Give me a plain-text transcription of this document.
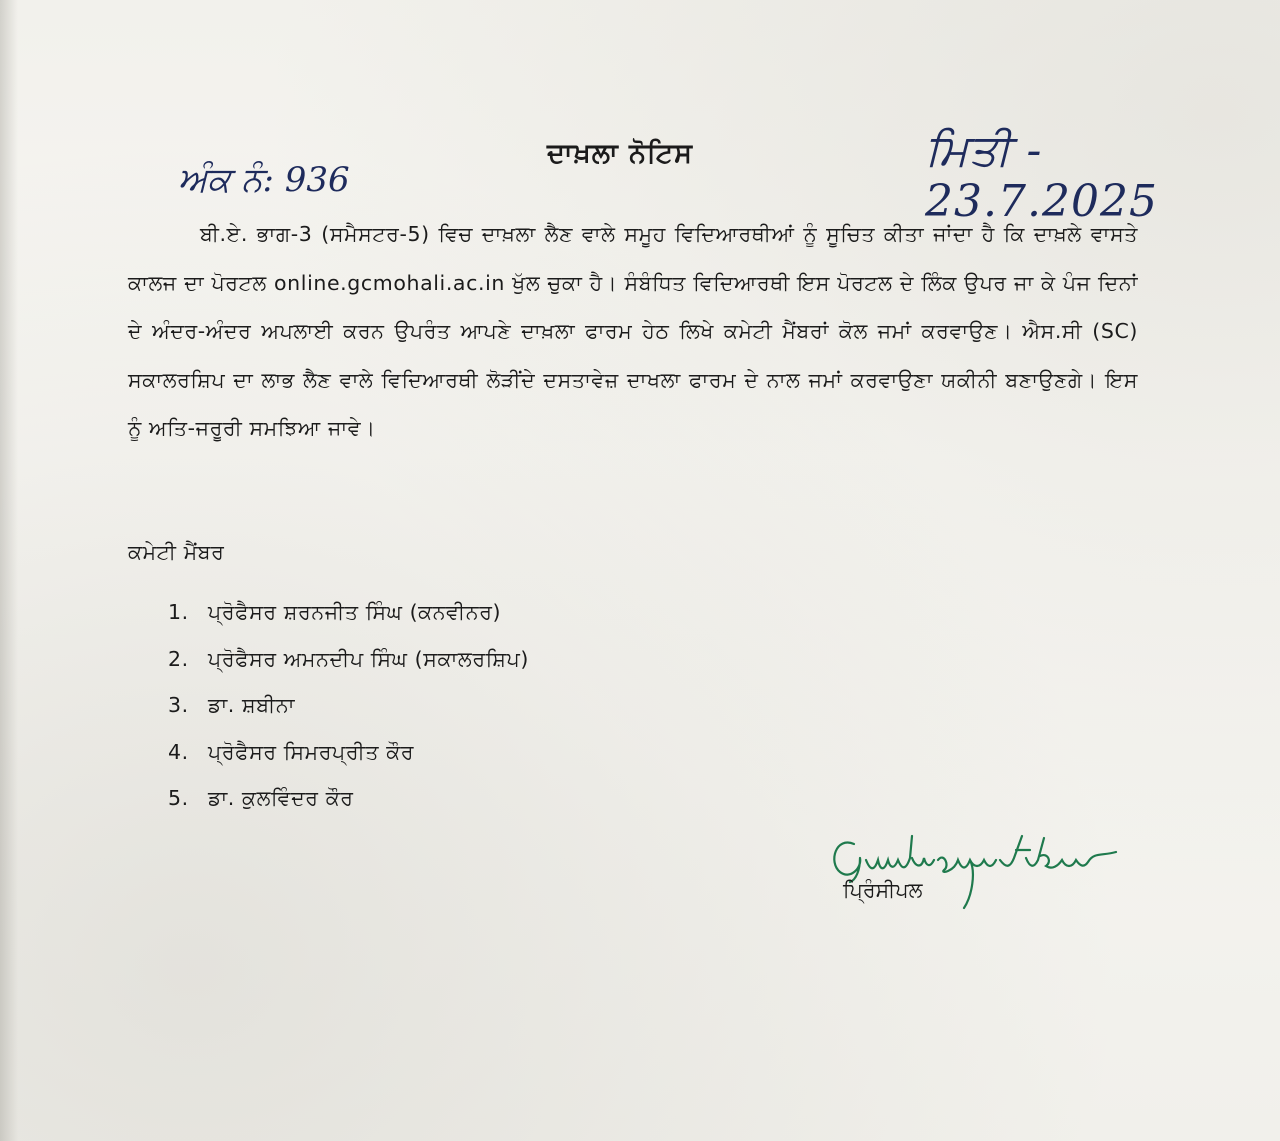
ਦਾਖ਼ਲਾ ਨੋਟਿਸ
ਅੰਕ ਨੰ: 936
ਮਿਤੀ - 23.7.2025

ਬੀ.ਏ. ਭਾਗ-3 (ਸਮੈਸਟਰ-5) ਵਿਚ ਦਾਖ਼ਲਾ ਲੈਣ ਵਾਲੇ ਸਮੂਹ ਵਿਦਿਆਰਥੀਆਂ ਨੂੰ ਸੂਚਿਤ ਕੀਤਾ ਜਾਂਦਾ ਹੈ ਕਿ ਦਾਖ਼ਲੇ ਵਾਸਤੇ ਕਾਲਜ ਦਾ ਪੋਰਟਲ online.gcmohali.ac.in ਖੁੱਲ ਚੁਕਾ ਹੈ। ਸੰਬੰਧਿਤ ਵਿਦਿਆਰਥੀ ਇਸ ਪੋਰਟਲ ਦੇ ਲਿੰਕ ਉਪਰ ਜਾ ਕੇ ਪੰਜ ਦਿਨਾਂ ਦੇ ਅੰਦਰ-ਅੰਦਰ ਅਪਲਾਈ ਕਰਨ ਉਪਰੰਤ ਆਪਣੇ ਦਾਖ਼ਲਾ ਫਾਰਮ ਹੇਠ ਲਿਖੇ ਕਮੇਟੀ ਮੈਂਬਰਾਂ ਕੋਲ ਜਮਾਂ ਕਰਵਾਉਣ। ਐਸ.ਸੀ (SC) ਸਕਾਲਰਸ਼ਿਪ ਦਾ ਲਾਭ ਲੈਣ ਵਾਲੇ ਵਿਦਿਆਰਥੀ ਲੋੜੀਂਦੇ ਦਸਤਾਵੇਜ਼ ਦਾਖਲਾ ਫਾਰਮ ਦੇ ਨਾਲ ਜਮਾਂ ਕਰਵਾਉਣਾ ਯਕੀਨੀ ਬਣਾਉਣਗੇ। ਇਸ ਨੂੰ ਅਤਿ-ਜਰੂਰੀ ਸਮਝਿਆ ਜਾਵੇ।

ਕਮੇਟੀ ਮੈਂਬਰ
1. ਪ੍ਰੋਫੈਸਰ ਸ਼ਰਨਜੀਤ ਸਿੰਘ (ਕਨਵੀਨਰ)
2. ਪ੍ਰੋਫੈਸਰ ਅਮਨਦੀਪ ਸਿੰਘ (ਸਕਾਲਰਸ਼ਿਪ)
3. ਡਾ. ਸ਼ਬੀਨਾ
4. ਪ੍ਰੋਫੈਸਰ ਸਿਮਰਪ੍ਰੀਤ ਕੌਰ
5. ਡਾ. ਕੁਲਵਿੰਦਰ ਕੌਰ
ਪ੍ਰਿੰਸੀਪਲ
